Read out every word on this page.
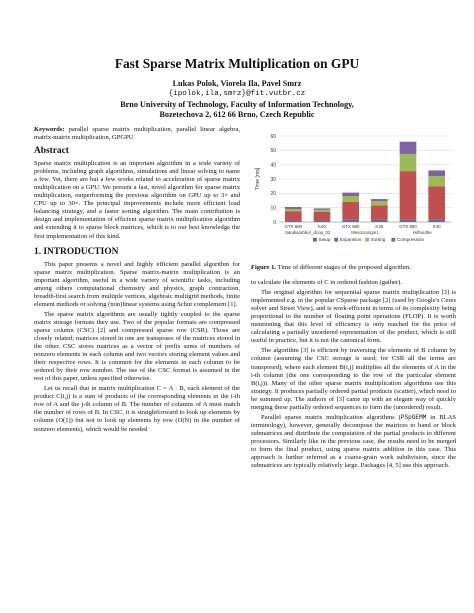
Fast Sparse Matrix Multiplication on GPU
Lukas Polok, Viorela Ila, Pavel Smrz
{ipolok,ila,smrz}@fit.vutbr.cz
Brno University of Technology, Faculty of Information Technology,
Bozetechova 2, 612 66 Brno, Czech Republic

Keywords: parallel sparse matrix multiplication, parallel linear algebra, matrix-matrix multiplication, GPGPU

Abstract

Sparse matrix multiplication is an important algorithm in a wide variety of problems, including graph algorithms, simulations and linear solving to name a few. Yet, there are but a few works related to acceleration of sparse matrix multiplication on a GPU. We present a fast, novel algorithm for sparse matrix multiplication, outperforming the previous algorithm on GPU up to 3× and CPU up to 30×. The principal improvements include more efficient load balancing strategy, and a faster sorting algorithm. The main contribution is design and implementation of efficient sparse matrix multiplication algorithm and extending it to sparse block matrices, which is to our best knowledge the first implementation of this kind.

1. INTRODUCTION

This paper presents a novel and highly efficient parallel algorithm for sparse matrix multiplication. Sparse matrix-matrix multiplication is an important algorithm, useful in a wide variety of scientific tasks, including among others computational chemistry and physics, graph contraction, breadth-first search from multiple vertices, algebraic multigrid methods, finite element methods or solving (non)linear systems using Schur complement [1].

The sparse matrix algorithms are usually tightly coupled to the sparse matrix storage formats they use. Two of the popular formats are compressed sparse column (CSC) [2] and compressed sparse row (CSR). Those are closely related; matrices stored in one are transposes of the matrices stored in the other. CSC stores matrices as a vector of prefix sums of numbers of nonzero elements in each column and two vectors storing element values and their respective rows. It is common for the elements in each column to be ordered by their row number. The use of the CSC format is assumed in the rest of this paper, unless specified otherwise.

Let us recall that in matrix multiplication C = A · B, each element of the product C(i,j) is a sum of products of the corresponding elements in the i-th row of A and the j-th column of B. The number of columns of A must match the number of rows of B. In CSC, it is straightforward to look up elements by column (O(1)) but not to look up elements by row (O(N) in the number of nonzero elements), which would be needed

0
10
20
30
40
50
60
Time [ms]
GTX 680	K40	GTX 680	K40	GTX 680	K40
Sandia/ubbor_dcop_02	Mesozoo/gm1	Hi/bouthe
Setup Expansion Sorting	Compression
Figure 1. Time of different stages of the proposed algorithm.

to calculate the elements of C in ordered fashion (gather).

The original algorithm for sequential sparse matrix multiplication [3] is implemented e.g. in the popular CSparse package [2] (used by Google's Ceres solver and Street View), and is work-efficient in terms of its complexity being proportional to the number of floating point operations (FLOP). It is worth mentioning that this level of efficiency is only reached for the price of calculating a partially unordered representation of the product, which is still useful in practice, but it is not the canonical form.

The algorithm [3] is efficient by traversing the elements of B column by column (assuming the CSC storage is used; for CSR all the terms are transposed), where each element B(i,j) multiplies all the elements of A in the i-th column (the one corresponding to the row of the particular element B(i,j)). Many of the other sparse matrix multiplication algorithms use this strategy. It produces partially ordered partial products (scatter), which need to be summed up. The authors of [3] came up with an elegant way of quickly merging these partially ordered sequences to form the (unordered) result.

Parallel sparse matrix multiplication algorithms (PSpGEMM in BLAS terminology), however, generally decompose the matrices to band or block submatrices and distribute the computation of the partial products to different processors. Similarly like in the previous case, the results need to be merged to form the final product, using sparse matrix addition in this case. This approach is further referred as a coarse-grain work subdivision, since the submatrices are typically relatively large. Packages [4, 5] use this approach.
